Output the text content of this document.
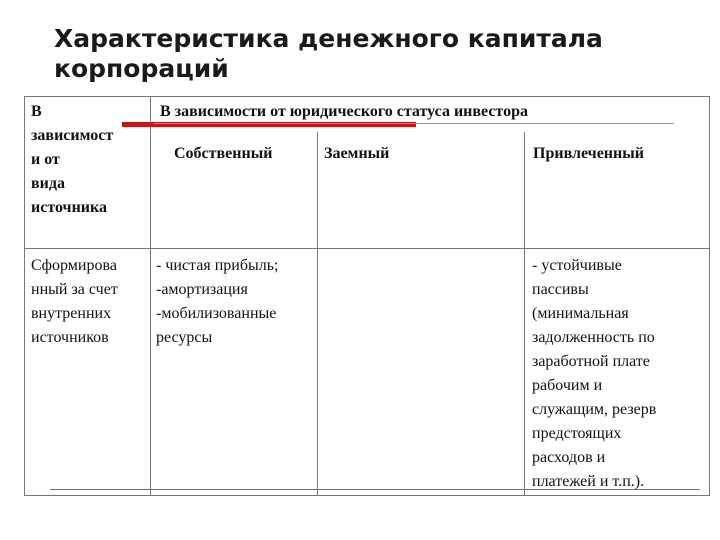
Характеристика денежного капитала
корпораций
В
зависимост
и от
вида
источника
В зависимости от юридического статуса инвестора
Собственный	Заемный	Привлеченный
Сформирова
нный за счет
внутренних
источников
- чистая прибыль;
-амортизация
-мобилизованные
ресурсы
- устойчивые
пассивы
(минимальная
задолженность по
заработной плате
рабочим и
служащим, резерв
предстоящих
расходов и
платежей и т.п.).
